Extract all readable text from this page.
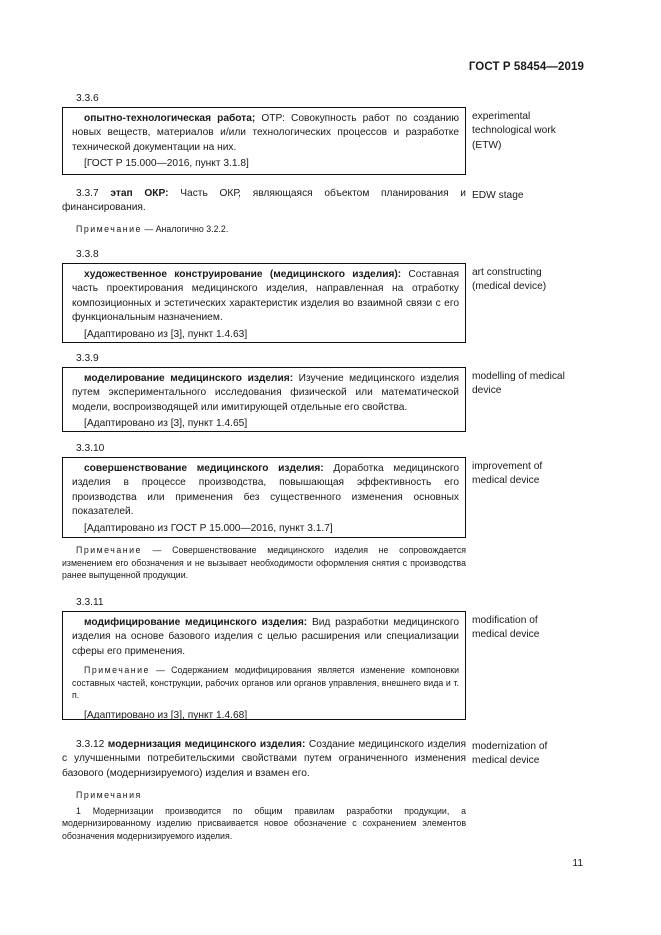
ГОСТ Р 58454—2019
3.3.6

опытно-технологическая работа; ОТР: Совокупность работ по созданию новых веществ, материалов и/или технологических процессов и разработке технической документации на них.

[ГОСТ Р 15.000—2016, пункт 3.1.8]
experimental technological work (ETW)

3.3.7 этап ОКР: Часть ОКР, являющаяся объектом планирования и финансирования.

Примечание — Аналогично 3.2.2.

EDW stage
3.3.8

художественное конструирование (медицинского изделия): Составная часть проектирования медицинского изделия, направленная на отработку композиционных и эстетических характеристик изделия во взаимной связи с его функциональным назначением.

[Адаптировано из [3], пункт 1.4.63]
art constructing (medical device)
3.3.9

моделирование медицинского изделия: Изучение медицинского изделия путем экспериментального исследования физической или математической модели, воспроизводящей или имитирующей отдельные его свойства.

[Адаптировано из [3], пункт 1.4.65]
modelling of medical device
3.3.10

совершенствование медицинского изделия: Доработка медицинского изделия в процессе производства, повышающая эффективность его производства или применения без существенного изменения основных показателей.

[Адаптировано из ГОСТ Р 15.000—2016, пункт 3.1.7]
improvement of medical device

Примечание — Совершенствование медицинского изделия не сопровождается изменением его обозначения и не вызывает необходимости оформления снятия с производства ранее выпущенной продукции.

3.3.11

модифицирование медицинского изделия: Вид разработки медицинского изделия на основе базового изделия с целью расширения или специализации сферы его применения.

Примечание — Содержанием модифицирования является изменение компоновки составных частей, конструкции, рабочих органов или органов управления, внешнего вида и т. п.

[Адаптировано из [3], пункт 1.4.68]
modification of medical device

3.3.12 модернизация медицинского изделия: Создание медицинского изделия с улучшенными потребительскими свойствами путем ограниченного изменения базового (модернизируемого) изделия и взамен его.

Примечания

1 Модернизации производится по общим правилам разработки продукции, а модернизированному изделию присваивается новое обозначение с сохранением элементов обозначения модернизируемого изделия.

modernization of medical device
11
